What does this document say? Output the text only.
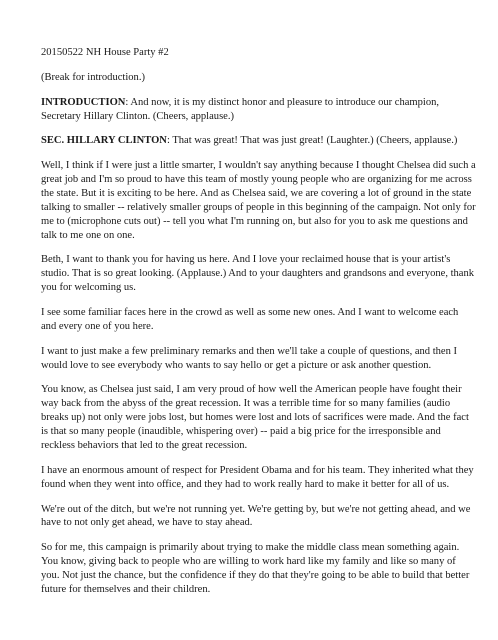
20150522 NH House Party #2

(Break for introduction.)

INTRODUCTION: And now, it is my distinct honor and pleasure to introduce our champion, Secretary Hillary Clinton. (Cheers, applause.)

SEC. HILLARY CLINTON: That was great! That was just great! (Laughter.) (Cheers, applause.)

Well, I think if I were just a little smarter, I wouldn't say anything because I thought Chelsea did such a great job and I'm so proud to have this team of mostly young people who are organizing for me across the state. But it is exciting to be here. And as Chelsea said, we are covering a lot of ground in the state talking to smaller -- relatively smaller groups of people in this beginning of the campaign. Not only for me to (microphone cuts out) -- tell you what I'm running on, but also for you to ask me questions and talk to me one on one.

Beth, I want to thank you for having us here. And I love your reclaimed house that is your artist's studio. That is so great looking. (Applause.) And to your daughters and grandsons and everyone, thank you for welcoming us.

I see some familiar faces here in the crowd as well as some new ones. And I want to welcome each and every one of you here.

I want to just make a few preliminary remarks and then we'll take a couple of questions, and then I would love to see everybody who wants to say hello or get a picture or ask another question.

You know, as Chelsea just said, I am very proud of how well the American people have fought their way back from the abyss of the great recession. It was a terrible time for so many families (audio breaks up) not only were jobs lost, but homes were lost and lots of sacrifices were made. And the fact is that so many people (inaudible, whispering over) -- paid a big price for the irresponsible and reckless behaviors that led to the great recession.

I have an enormous amount of respect for President Obama and for his team. They inherited what they found when they went into office, and they had to work really hard to make it better for all of us.

We're out of the ditch, but we're not running yet. We're getting by, but we're not getting ahead, and we have to not only get ahead, we have to stay ahead.

So for me, this campaign is primarily about trying to make the middle class mean something again. You know, giving back to people who are willing to work hard like my family and like so many of you. Not just the chance, but the confidence if they do that they're going to be able to build that better future for themselves and their children.
